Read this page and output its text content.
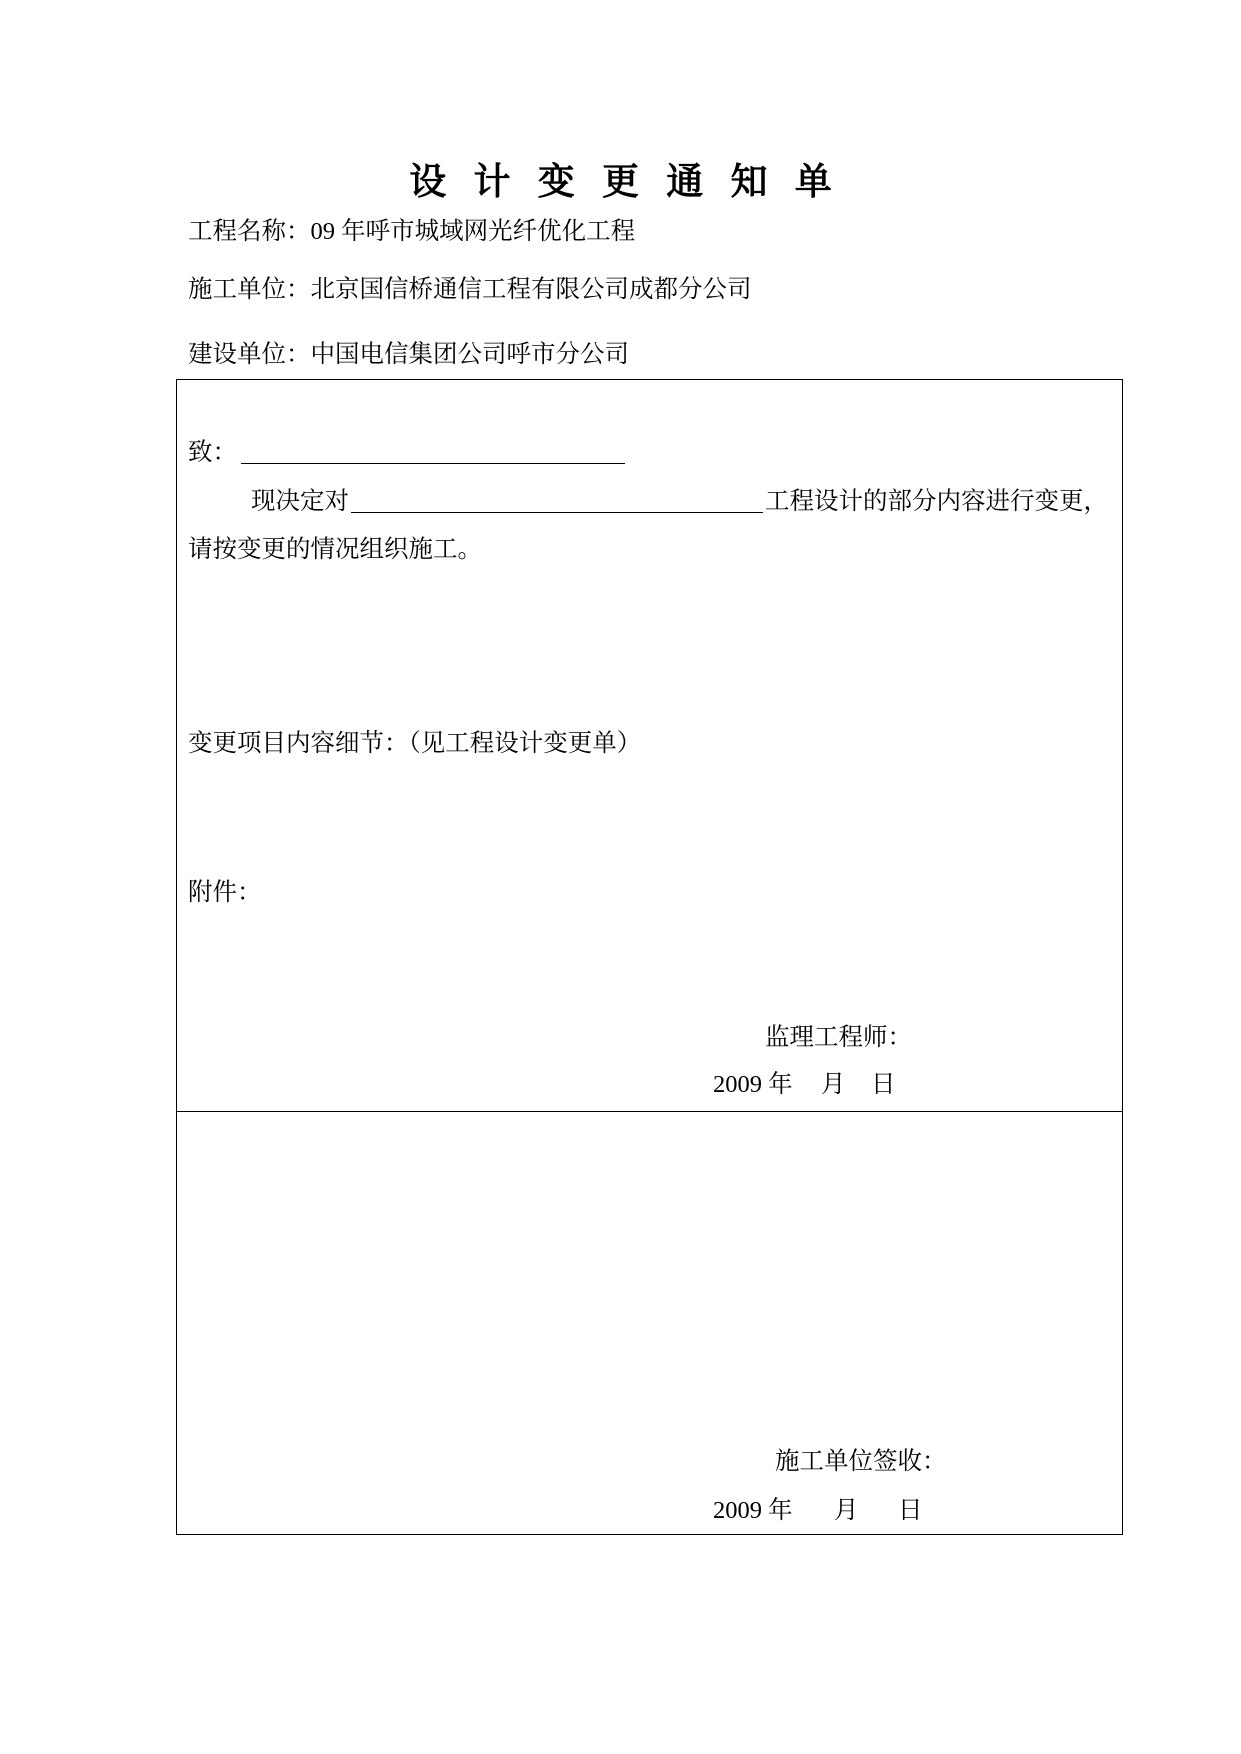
设 计 变 更 通 知 单
工程名称：09 年呼市城域网光纤优化工程
施工单位：北京国信桥通信工程有限公司成都分公司
建设单位：中国电信集团公司呼市分公司
致：
现决定对	工程设计的部分内容进行变更，
请按变更的情况组织施工。
变更项目内容细节：（见工程设计变更单）
附件：
监理工程师：
2009 年 月 日
施工单位签收：
2009 年 月 日
